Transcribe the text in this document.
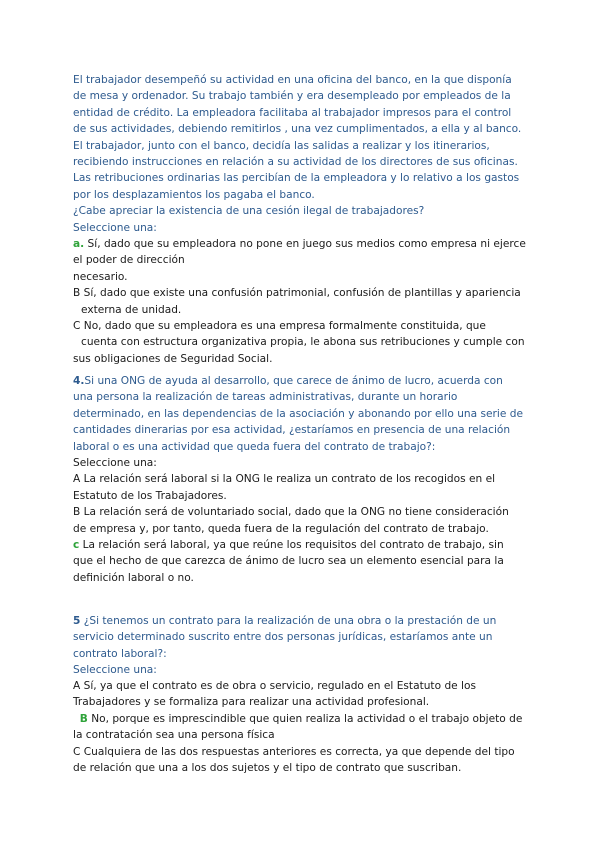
El trabajador desempeñó su actividad en una oficina del banco, en la que disponía
de mesa y ordenador. Su trabajo también y era desempleado por empleados de la
entidad de crédito. La empleadora facilitaba al trabajador impresos para el control
de sus actividades, debiendo remitirlos , una vez cumplimentados, a ella y al banco.
El trabajador, junto con el banco, decidía las salidas a realizar y los itinerarios,
recibiendo instrucciones en relación a su actividad de los directores de sus oficinas.
Las retribuciones ordinarias las percibían de la empleadora y lo relativo a los gastos
por los desplazamientos los pagaba el banco.
¿Cabe apreciar la existencia de una cesión ilegal de trabajadores?
Seleccione una:
a. Sí, dado que su empleadora no pone en juego sus medios como empresa ni ejerce
el poder de dirección
necesario.
B Sí, dado que existe una confusión patrimonial, confusión de plantillas y apariencia
externa de unidad.
C No, dado que su empleadora es una empresa formalmente constituida, que
cuenta con estructura organizativa propia, le abona sus retribuciones y cumple con
sus obligaciones de Seguridad Social.
4.Si una ONG de ayuda al desarrollo, que carece de ánimo de lucro, acuerda con
una persona la realización de tareas administrativas, durante un horario
determinado, en las dependencias de la asociación y abonando por ello una serie de
cantidades dinerarias por esa actividad, ¿estaríamos en presencia de una relación
laboral o es una actividad que queda fuera del contrato de trabajo?:
Seleccione una:
A La relación será laboral si la ONG le realiza un contrato de los recogidos en el
Estatuto de los Trabajadores.
B La relación será de voluntariado social, dado que la ONG no tiene consideración
de empresa y, por tanto, queda fuera de la regulación del contrato de trabajo.
c La relación será laboral, ya que reúne los requisitos del contrato de trabajo, sin
que el hecho de que carezca de ánimo de lucro sea un elemento esencial para la
definición laboral o no.
5 ¿Si tenemos un contrato para la realización de una obra o la prestación de un
servicio determinado suscrito entre dos personas jurídicas, estaríamos ante un
contrato laboral?:
Seleccione una:
A Sí, ya que el contrato es de obra o servicio, regulado en el Estatuto de los
Trabajadores y se formaliza para realizar una actividad profesional.
B No, porque es imprescindible que quien realiza la actividad o el trabajo objeto de
la contratación sea una persona física
C Cualquiera de las dos respuestas anteriores es correcta, ya que depende del tipo
de relación que una a los dos sujetos y el tipo de contrato que suscriban.
